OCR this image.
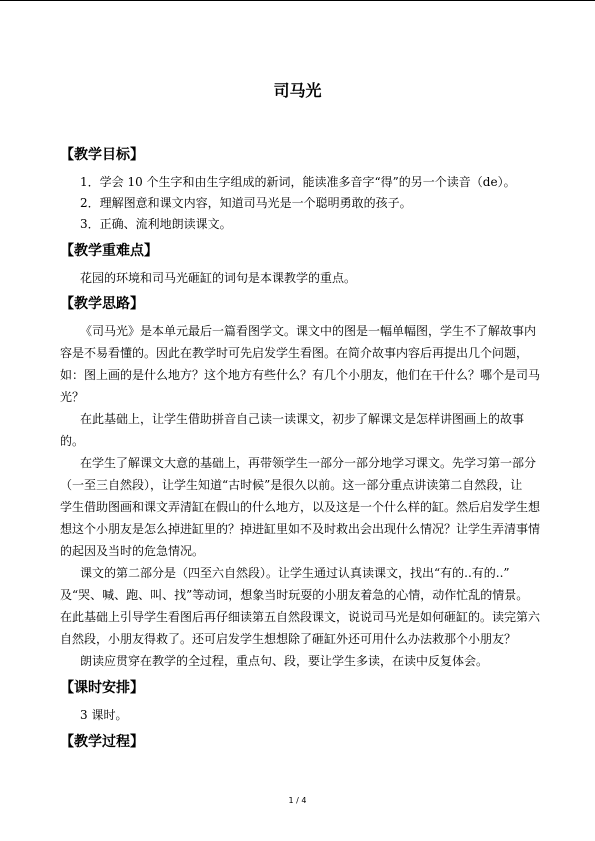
司马光
【教学目标】
1．学会 10 个生字和由生字组成的新词，能读准多音字“得”的另一个读音（de）。
2．理解图意和课文内容，知道司马光是一个聪明勇敢的孩子。
3．正确、流利地朗读课文。
【教学重难点】
花园的环境和司马光砸缸的词句是本课教学的重点。
【教学思路】
《司马光》是本单元最后一篇看图学文。课文中的图是一幅单幅图，学生不了解故事内
容是不易看懂的。因此在教学时可先启发学生看图。在简介故事内容后再提出几个问题，
如：图上画的是什么地方？这个地方有些什么？有几个小朋友，他们在干什么？哪个是司马
光？
在此基础上，让学生借助拼音自己读一读课文，初步了解课文是怎样讲图画上的故事
的。
在学生了解课文大意的基础上，再带领学生一部分一部分地学习课文。先学习第一部分
（一至三自然段），让学生知道“古时候”是很久以前。这一部分重点讲读第二自然段，让
学生借助图画和课文弄清缸在假山的什么地方，以及这是一个什么样的缸。然后启发学生想
想这个小朋友是怎么掉进缸里的？掉进缸里如不及时救出会出现什么情况？让学生弄清事情
的起因及当时的危急情况。
课文的第二部分是（四至六自然段）。让学生通过认真读课文，找出“有的..有的..”
及“哭、喊、跑、叫、找”等动词，想象当时玩耍的小朋友着急的心情，动作忙乱的情景。
在此基础上引导学生看图后再仔细读第五自然段课文，说说司马光是如何砸缸的。读完第六
自然段，小朋友得救了。还可启发学生想想除了砸缸外还可用什么办法救那个小朋友？
朗读应贯穿在教学的全过程，重点句、段，要让学生多读，在读中反复体会。
【课时安排】
3 课时。
【教学过程】
1 / 4
